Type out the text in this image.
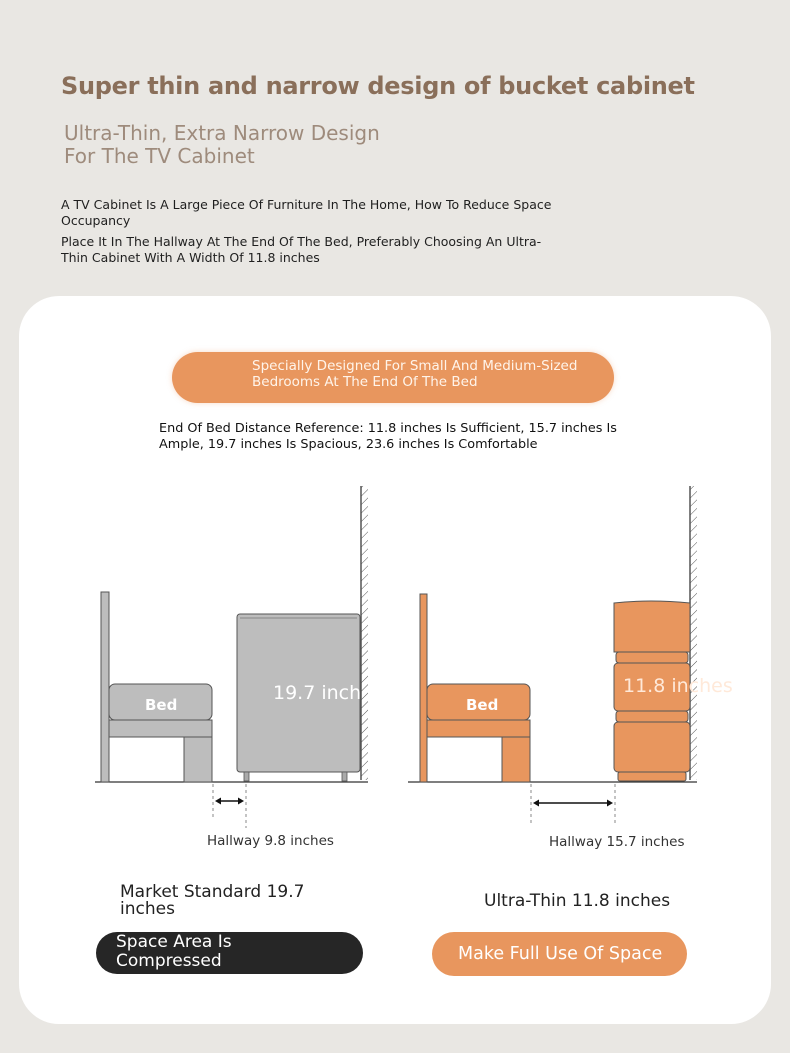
Super thin and narrow design of bucket cabinet

Ultra-Thin, Extra Narrow Design
For The TV Cabinet

A TV Cabinet Is A Large Piece Of Furniture In The Home, How To Reduce Space Occupancy

Place It In The Hallway At The End Of The Bed, Preferably Choosing An Ultra-Thin Cabinet With A Width Of 11.8 inches

Specially Designed For Small And Medium-Sized Bedrooms At The End Of The Bed

End Of Bed Distance Reference: 11.8 inches Is Sufficient, 15.7 inches Is Ample, 19.7 inches Is Spacious, 23.6 inches Is Comfortable

Bed
19.7 inch
Hallway 9.8 inches
Bed
11.8 inches
Hallway 15.7 inches
Market Standard 19.7 inches	Ultra-Thin 11.8 inches
Space Area Is Compressed	Make Full Use Of Space
